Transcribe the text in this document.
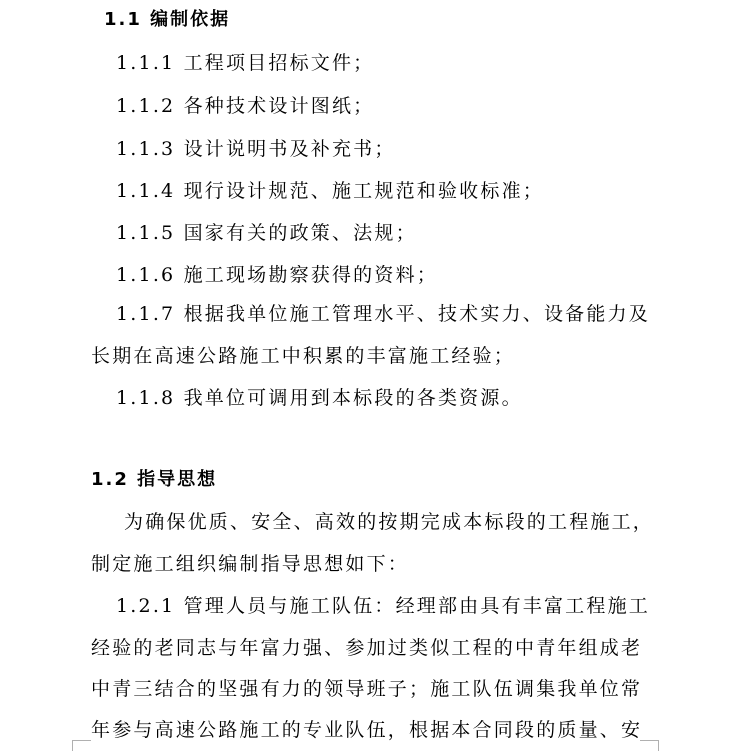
1.1 编制依据
1.1.1 工程项目招标文件；
1.1.2 各种技术设计图纸；
1.1.3 设计说明书及补充书；
1.1.4 现行设计规范、施工规范和验收标准；
1.1.5 国家有关的政策、法规；
1.1.6 施工现场勘察获得的资料；
1.1.7 根据我单位施工管理水平、技术实力、设备能力及
长期在高速公路施工中积累的丰富施工经验；
1.1.8 我单位可调用到本标段的各类资源。
1.2 指导思想
为确保优质、安全、高效的按期完成本标段的工程施工，
制定施工组织编制指导思想如下：
1.2.1 管理人员与施工队伍：经理部由具有丰富工程施工
经验的老同志与年富力强、参加过类似工程的中青年组成老
中青三结合的坚强有力的领导班子；施工队伍调集我单位常
年参与高速公路施工的专业队伍，根据本合同段的质量、安
